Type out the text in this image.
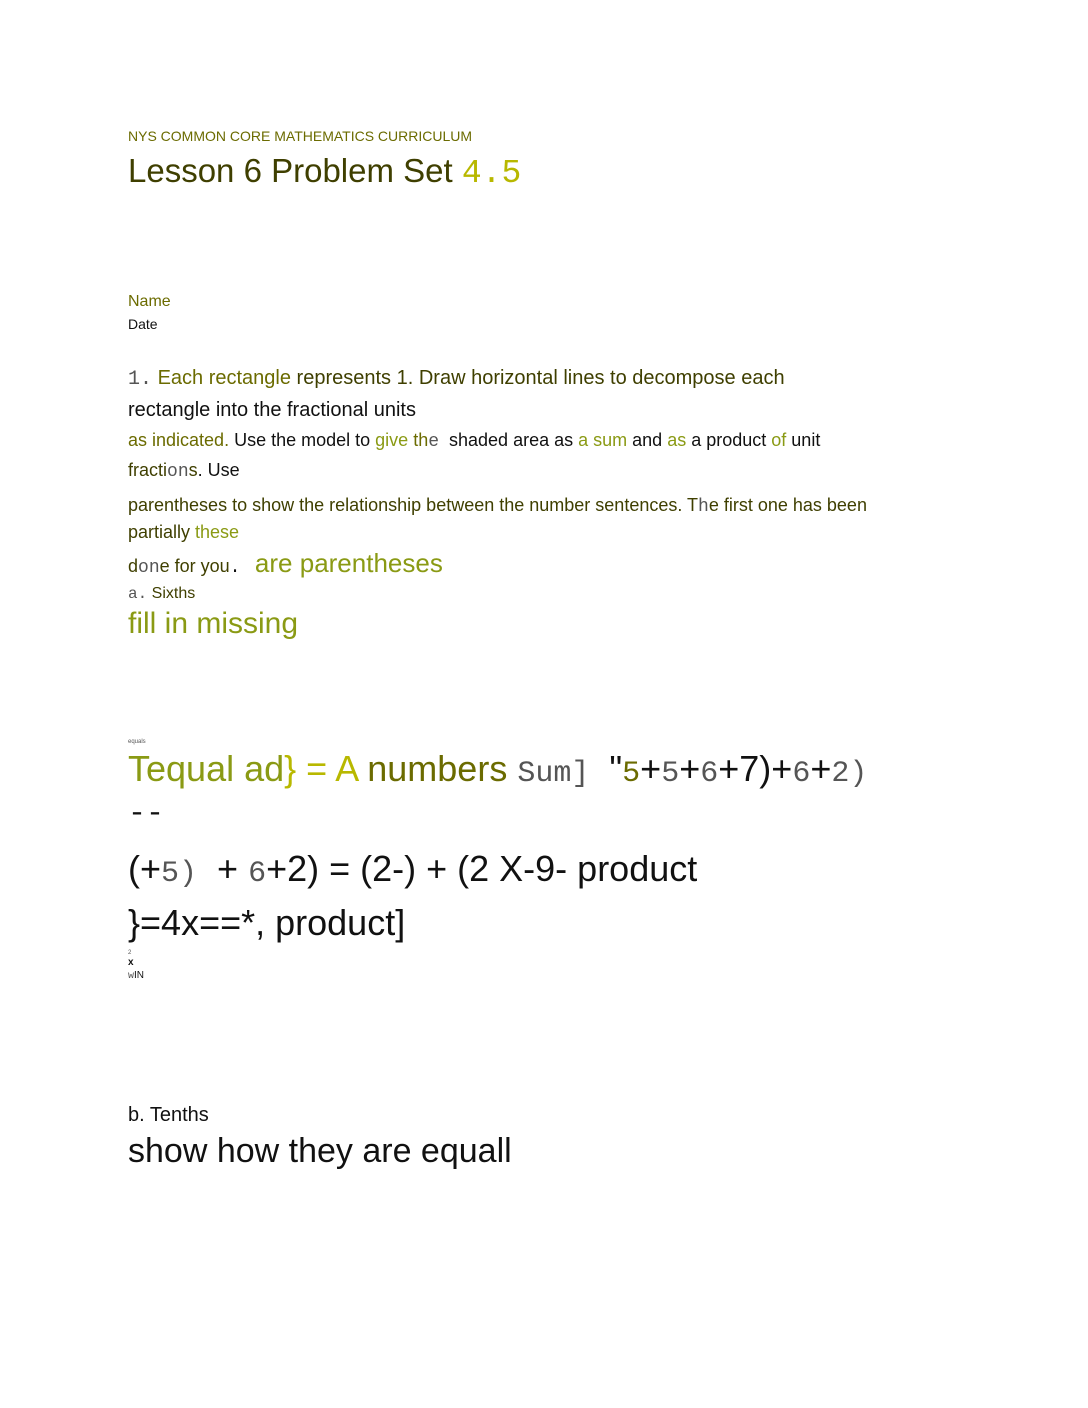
NYS COMMON CORE MATHEMATICS CURRICULUM
Lesson 6 Problem Set 4.5
Name
Date
1. Each rectangle represents 1. Draw horizontal lines to decompose each
rectangle into the fractional units
as indicated. Use the model to give the  shaded area as a sum and as a product of unit
fractions. Use
parentheses to show the relationship between the number sentences. The first one has been
partially these
done for you.  are parentheses
a. Sixths
fill in missing
equals
Tequal ad} = A numbers Sum]  "5+5+6+7)+6+2)
--
(+5)  + 6+2) = (2-) + (2 X-9- product
}=4x==*, product]
2
x
wIN
b. Tenths
show how they are equall
